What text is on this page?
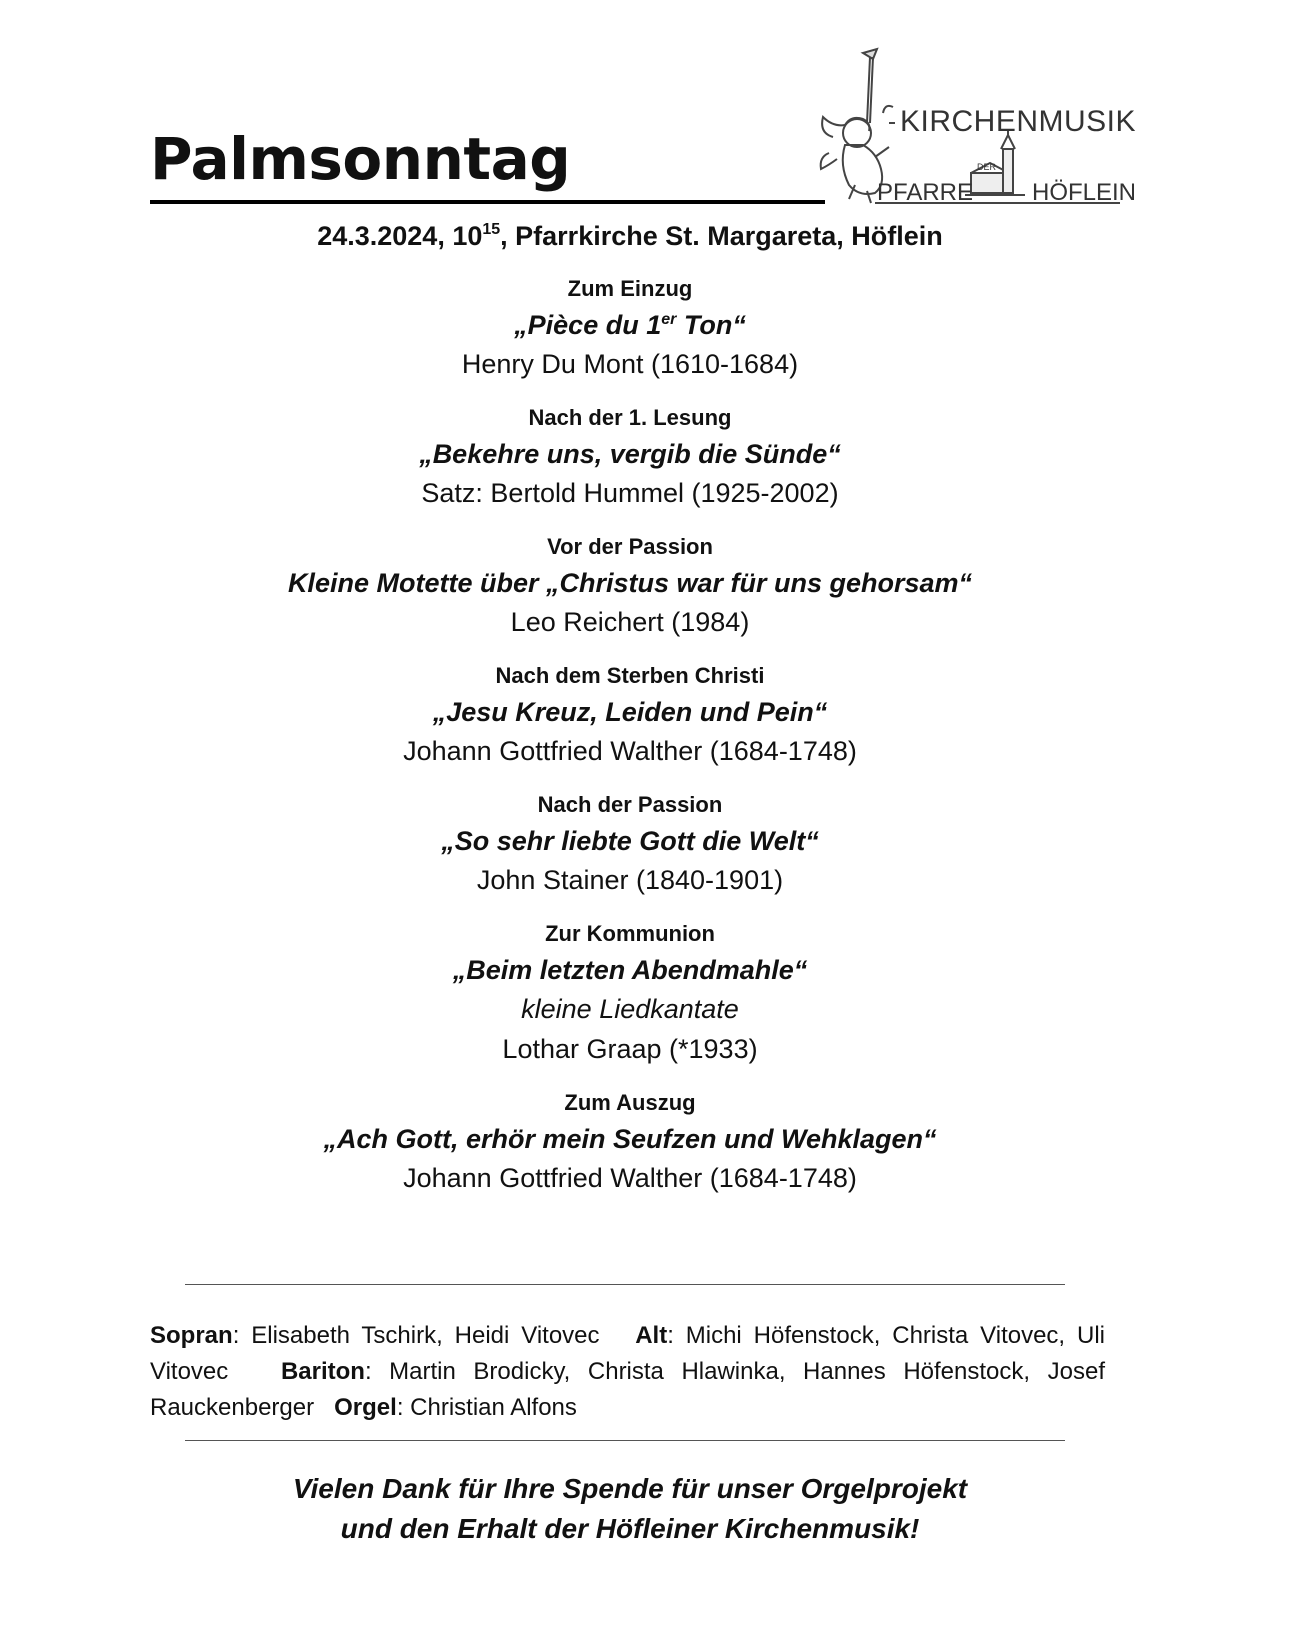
Palmsonntag
KIRCHENMUSIK
DER
PFARRE HÖFLEIN
24.3.2024, $10^{15}$, Pfarrkirche St. Margareta, Höflein
Zum Einzug
„Pièce du 1er Ton“
Henry Du Mont (1610-1684)
Nach der 1. Lesung
„Bekehre uns, vergib die Sünde“
Satz: Bertold Hummel (1925-2002)
Vor der Passion
Kleine Motette über „Christus war für uns gehorsam“
Leo Reichert (1984)
Nach dem Sterben Christi
„Jesu Kreuz, Leiden und Pein“
Johann Gottfried Walther (1684-1748)
Nach der Passion
„So sehr liebte Gott die Welt“
John Stainer (1840-1901)
Zur Kommunion
„Beim letzten Abendmahle“
kleine Liedkantate
Lothar Graap (*1933)
Zum Auszug
„Ach Gott, erhör mein Seufzen und Wehklagen“
Johann Gottfried Walther (1684-1748)
Sopran: Elisabeth Tschirk, Heidi Vitovec Alt: Michi Höfenstock, Christa Vitovec, Uli Vitovec Bariton: Martin Brodicky, Christa Hlawinka, Hannes Höfenstock, Josef Rauckenberger Orgel: Christian Alfons
Vielen Dank für Ihre Spende für unser Orgelprojekt
und den Erhalt der Höfleiner Kirchenmusik!
